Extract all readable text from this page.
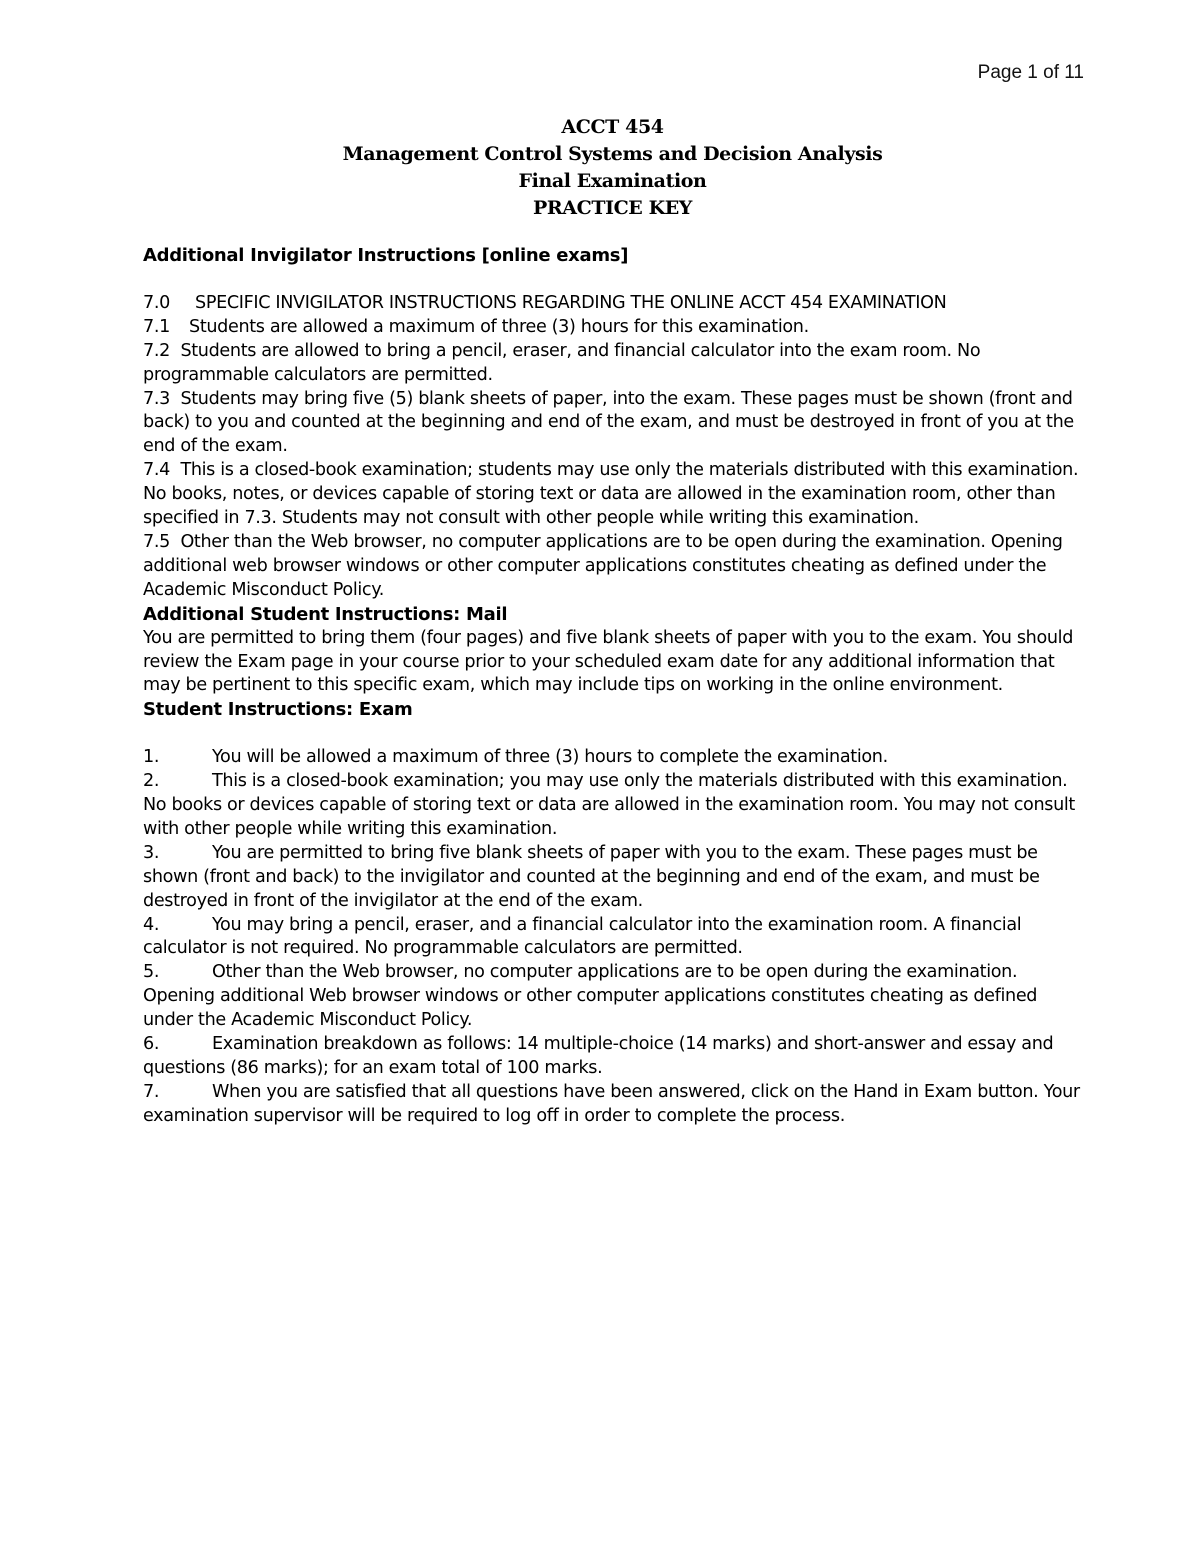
Page 1 of 11
ACCT 454
Management Control Systems and Decision Analysis
Final Examination
PRACTICE KEY

Additional Invigilator Instructions [online exams]

7.0 SPECIFIC INVIGILATOR INSTRUCTIONS REGARDING THE ONLINE ACCT 454 EXAMINATION

7.1 Students are allowed a maximum of three (3) hours for this examination.

7.2 Students are allowed to bring a pencil, eraser, and financial calculator into the exam room. No programmable calculators are permitted.

7.3 Students may bring five (5) blank sheets of paper, into the exam. These pages must be shown (front and back) to you and counted at the beginning and end of the exam, and must be destroyed in front of you at the end of the exam.

7.4 This is a closed-book examination; students may use only the materials distributed with this examination. No books, notes, or devices capable of storing text or data are allowed in the examination room, other than specified in 7.3. Students may not consult with other people while writing this examination.

7.5 Other than the Web browser, no computer applications are to be open during the examination. Opening additional web browser windows or other computer applications constitutes cheating as defined under the Academic Misconduct Policy.

Additional Student Instructions: Mail

You are permitted to bring them (four pages) and five blank sheets of paper with you to the exam. You should review the Exam page in your course prior to your scheduled exam date for any additional information that may be pertinent to this specific exam, which may include tips on working in the online environment.

Student Instructions: Exam

1.	You will be allowed a maximum of three (3) hours to complete the examination.

2.	This is a closed-book examination; you may use only the materials distributed with this examination. No books or devices capable of storing text or data are allowed in the examination room. You may not consult with other people while writing this examination.

3.	You are permitted to bring five blank sheets of paper with you to the exam. These pages must be shown (front and back) to the invigilator and counted at the beginning and end of the exam, and must be destroyed in front of the invigilator at the end of the exam.

4.	You may bring a pencil, eraser, and a financial calculator into the examination room. A financial calculator is not required. No programmable calculators are permitted.

5.	Other than the Web browser, no computer applications are to be open during the examination. Opening additional Web browser windows or other computer applications constitutes cheating as defined under the Academic Misconduct Policy.

6.	Examination breakdown as follows: 14 multiple-choice (14 marks) and short-answer and essay and questions (86 marks); for an exam total of 100 marks.

7.	When you are satisfied that all questions have been answered, click on the Hand in Exam button. Your examination supervisor will be required to log off in order to complete the process.
